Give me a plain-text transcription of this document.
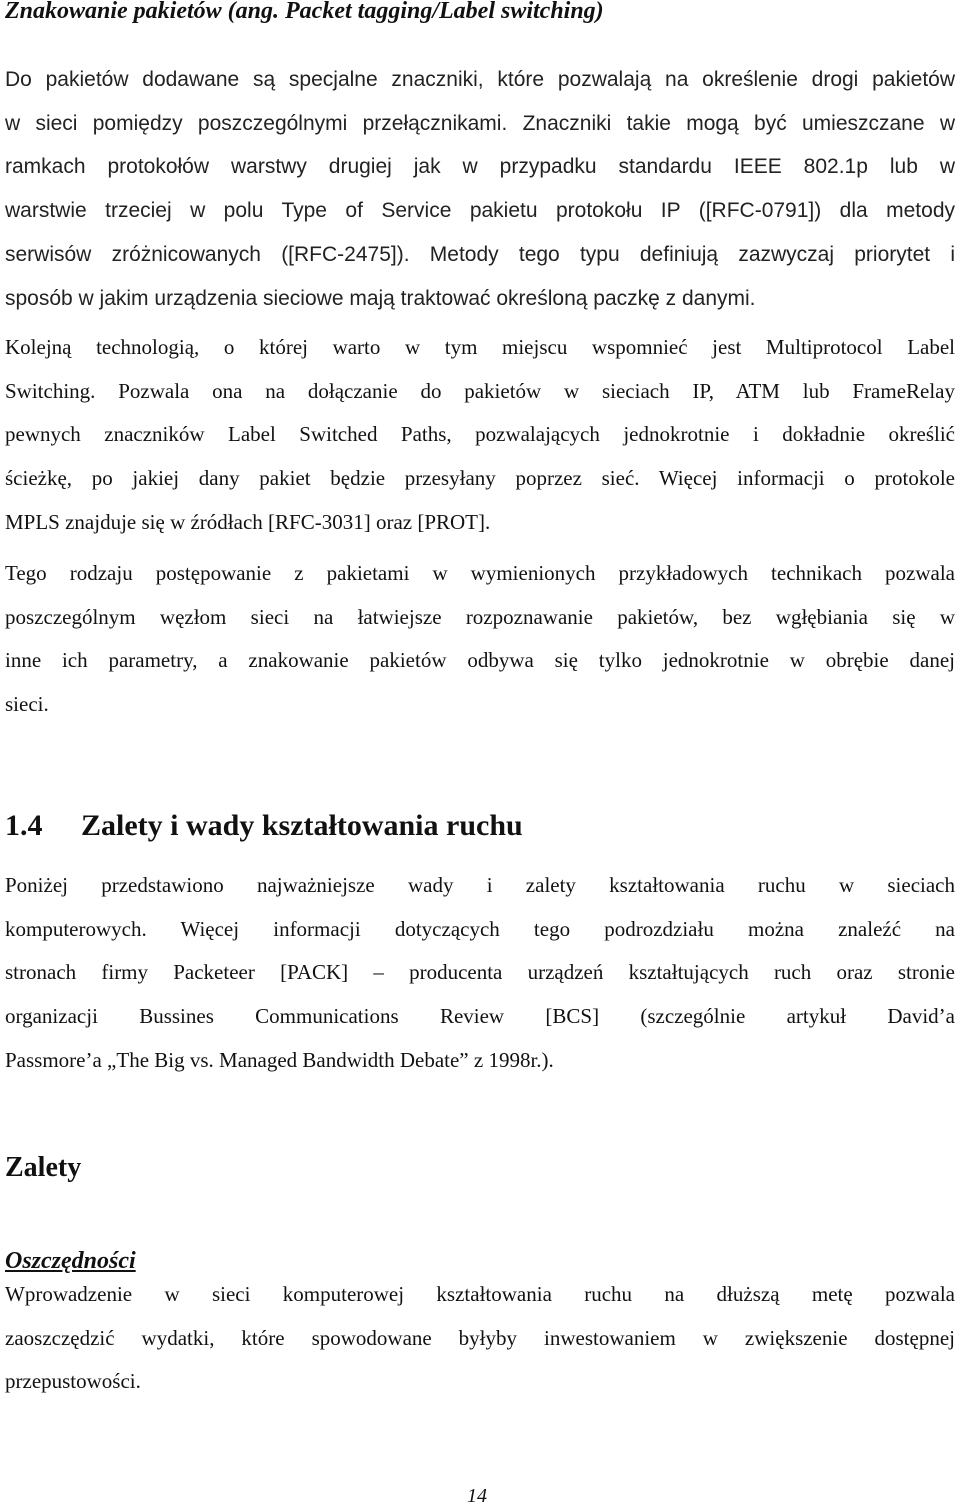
Znakowanie pakietów (ang. Packet tagging/Label switching)

Do pakietów dodawane są specjalne znaczniki, które pozwalają na określenie drogi pakietów
w sieci pomiędzy poszczególnymi przełącznikami. Znaczniki takie mogą być umieszczane w
ramkach protokołów warstwy drugiej jak w przypadku standardu IEEE 802.1p lub w
warstwie trzeciej w polu Type of Service pakietu protokołu IP ([RFC-0791]) dla metody
serwisów zróżnicowanych ([RFC-2475]). Metody tego typu definiują zazwyczaj priorytet i
sposób w jakim urządzenia sieciowe mają traktować określoną paczkę z danymi.

Kolejną technologią, o której warto w tym miejscu wspomnieć jest Multiprotocol Label
Switching. Pozwala ona na dołączanie do pakietów w sieciach IP, ATM lub FrameRelay
pewnych znaczników Label Switched Paths, pozwalających jednokrotnie i dokładnie określić
ścieżkę, po jakiej dany pakiet będzie przesyłany poprzez sieć. Więcej informacji o protokole
MPLS znajduje się w źródłach [RFC-3031] oraz [PROT].

Tego rodzaju postępowanie z pakietami w wymienionych przykładowych technikach pozwala
poszczególnym węzłom sieci na łatwiejsze rozpoznawanie pakietów, bez wgłębiania się w
inne ich parametry, a znakowanie pakietów odbywa się tylko jednokrotnie w obrębie danej
sieci.

1.4 Zalety i wady kształtowania ruchu

Poniżej przedstawiono najważniejsze wady i zalety kształtowania ruchu w sieciach
komputerowych. Więcej informacji dotyczących tego podrozdziału można znaleźć na
stronach firmy Packeteer [PACK] – producenta urządzeń kształtujących ruch oraz stronie
organizacji Bussines Communications Review [BCS] (szczególnie artykuł David’a
Passmore’a „The Big vs. Managed Bandwidth Debate” z 1998r.).

Zalety
Oszczędności

Wprowadzenie w sieci komputerowej kształtowania ruchu na dłuższą metę pozwala
zaoszczędzić wydatki, które spowodowane byłyby inwestowaniem w zwiększenie dostępnej
przepustowości.

14
